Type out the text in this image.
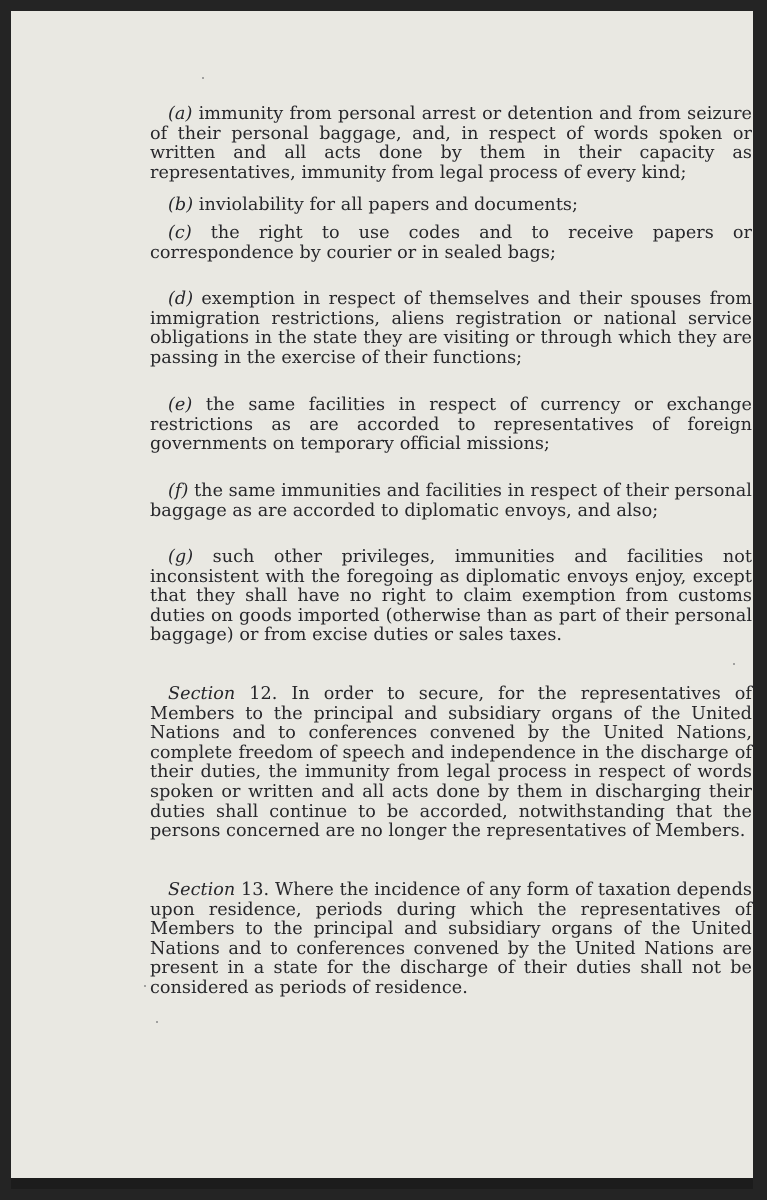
(a) immunity from personal arrest or detention and from seizure of their personal baggage, and, in respect of words spoken or written and all acts done by them in their capacity as representatives, immunity from legal process of every kind;

(b) inviolability for all papers and documents;

(c) the right to use codes and to receive papers or correspondence by courier or in sealed bags;

(d) exemption in respect of themselves and their spouses from immigration restrictions, aliens registration or national service obligations in the state they are visiting or through which they are passing in the exercise of their functions;

(e) the same facilities in respect of currency or exchange restrictions as are accorded to representatives of foreign governments on temporary official missions;

(f) the same immunities and facilities in respect of their personal baggage as are accorded to diplomatic envoys, and also;

(g) such other privileges, immunities and facilities not inconsistent with the foregoing as diplomatic envoys enjoy, except that they shall have no right to claim exemption from customs duties on goods imported (otherwise than as part of their personal baggage) or from excise duties or sales taxes.

Section 12. In order to secure, for the representatives of Members to the principal and subsidiary organs of the United Nations and to conferences convened by the United Nations, complete freedom of speech and independence in the discharge of their duties, the immunity from legal process in respect of words spoken or written and all acts done by them in discharging their duties shall continue to be accorded, notwithstanding that the persons concerned are no longer the representatives of Members.

Section 13. Where the incidence of any form of taxation depends upon residence, periods during which the representatives of Members to the principal and subsidiary organs of the United Nations and to conferences convened by the United Nations are present in a state for the discharge of their duties shall not be considered as periods of residence.
